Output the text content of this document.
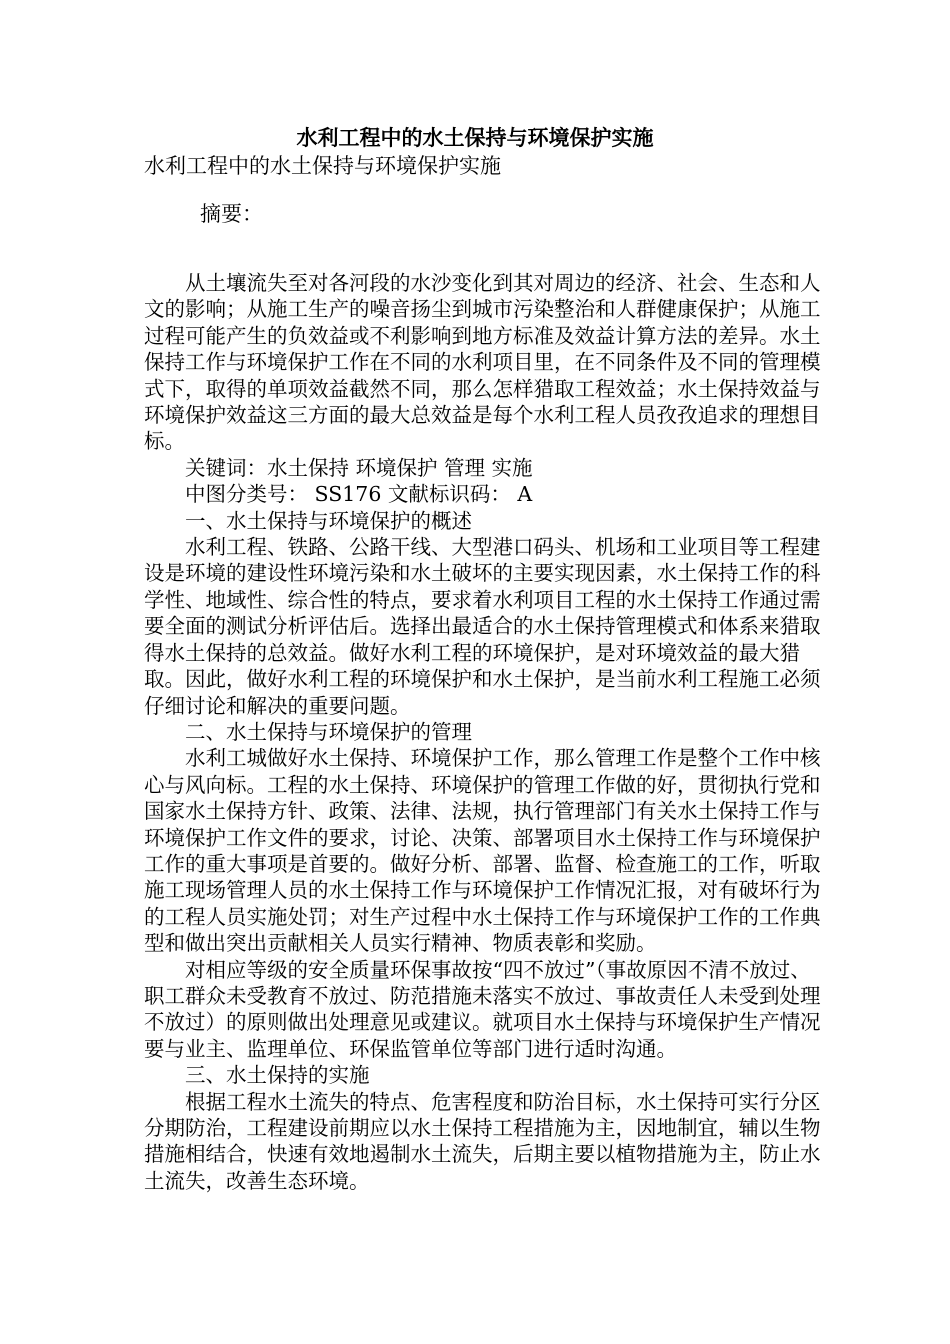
水利工程中的水土保持与环境保护实施

水利工程中的水土保持与环境保护实施

摘要：

从土壤流失至对各河段的水沙变化到其对周边的经济、社会、生态和人文的影响；从施工生产的噪音扬尘到城市污染整治和人群健康保护；从施工过程可能产生的负效益或不利影响到地方标准及效益计算方法的差异。水土保持工作与环境保护工作在不同的水利项目里，在不同条件及不同的管理模式下，取得的单项效益截然不同，那么怎样猎取工程效益；水土保持效益与环境保护效益这三方面的最大总效益是每个水利工程人员孜孜追求的理想目标。

关键词：水土保持 环境保护 管理 实施

中图分类号： SS176 文献标识码： A

一、水土保持与环境保护的概述

水利工程、铁路、公路干线、大型港口码头、机场和工业项目等工程建设是环境的建设性环境污染和水土破坏的主要实现因素，水土保持工作的科学性、地域性、综合性的特点，要求着水利项目工程的水土保持工作通过需要全面的测试分析评估后。选择出最适合的水土保持管理模式和体系来猎取得水土保持的总效益。做好水利工程的环境保护，是对环境效益的最大猎取。因此，做好水利工程的环境保护和水土保护，是当前水利工程施工必须仔细讨论和解决的重要问题。

二、水土保持与环境保护的管理

水利工城做好水土保持、环境保护工作，那么管理工作是整个工作中核心与风向标。工程的水土保持、环境保护的管理工作做的好，贯彻执行党和国家水土保持方针、政策、法律、法规，执行管理部门有关水土保持工作与环境保护工作文件的要求，讨论、决策、部署项目水土保持工作与环境保护工作的重大事项是首要的。做好分析、部署、监督、检查施工的工作，听取施工现场管理人员的水土保持工作与环境保护工作情况汇报，对有破坏行为的工程人员实施处罚；对生产过程中水土保持工作与环境保护工作的工作典型和做出突出贡献相关人员实行精神、物质表彰和奖励。

对相应等级的安全质量环保事故按“四不放过”（事故原因不清不放过、职工群众未受教育不放过、防范措施未落实不放过、事故责任人未受到处理不放过）的原则做出处理意见或建议。就项目水土保持与环境保护生产情况要与业主、监理单位、环保监管单位等部门进行适时沟通。

三、水土保持的实施

根据工程水土流失的特点、危害程度和防治目标，水土保持可实行分区分期防治，工程建设前期应以水土保持工程措施为主，因地制宜，辅以生物措施相结合，快速有效地遏制水土流失，后期主要以植物措施为主，防止水土流失，改善生态环境。
